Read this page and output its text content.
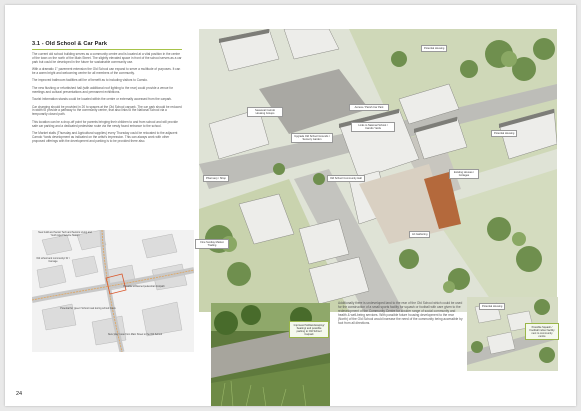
3.1 - Old School & Car Park

The current old school building serves as a community centre and is located at a vital position in the centre of the town on the north of the Main Street. The slightly elevated space in front of the school serves as a car park but could be developed in the future for sustainable community use.

With a dramatic 1° pavement extension the Old School can expand to serve a multitude of purposes. It can be a warm bright and welcoming centre for all members of the community.

The improved bathroom facilities will be of benefit as to including visitors to Carndo.

The new flushing or refurbished hall (with additional roof lighting to the rear) could provide a venue for meetings and cultural presentations and permanent exhibitions.

Tourist information stands could be located within the centre or externally accessed from the carpark.

Car charging should be provided in 20 to spaces at the Old School carpark. The car park should be reduced in width to provide a pathway to the community centre, that also links to the National School via a temporarily closed path.

This location can be a drop-off point for parents bringing their children to and from school and will provide safe car parking and a dedicated pedestrian route via the newly found entrance to the school.

The Market stalls (Thursday and Agricultural supplies) every Thursday could be relocated to the adjacent Carndo Yards development as indicated on the artist's impression. This can always work with other proposed offerings with the development and parking is to be provided there also.

Potential Housing
Potential Housing
Existing Houses / Cottages
Access / Parish Car Park
Upgrade Old School Grounds / Sensory Garden
Old School Community Hall
Art Gathering
Fine Sunday Market Trading
Seasonal Carndo Housing Groups
Links to National School / Carndo Yards
Pharmacy / Shop
New build and Senior Tech and Seniors Living and Youth Aged Service Station
Old school and community/ Dr / Carnage
Possible enhanced pedestrian footpath
Potential for 'green' School road during school hours
New 'play' route from Main Street to the Old School
Improved Softlandscaping/ Seating/ and possible parking to Old School Carpark
Additionally there is undeveloped land to the rear of the Old School which could be used for the construction of a small sports facility for squash or football with care given to the redevelopment of the Community Centre for a wider range of social community and health & well-being services. With possible future housing development to the rear (North) of the Old School would increase the need of the community being accessible by foot from all directions.
Potential Housing
Possible Squash / Football indoor facility next to community centre
24
